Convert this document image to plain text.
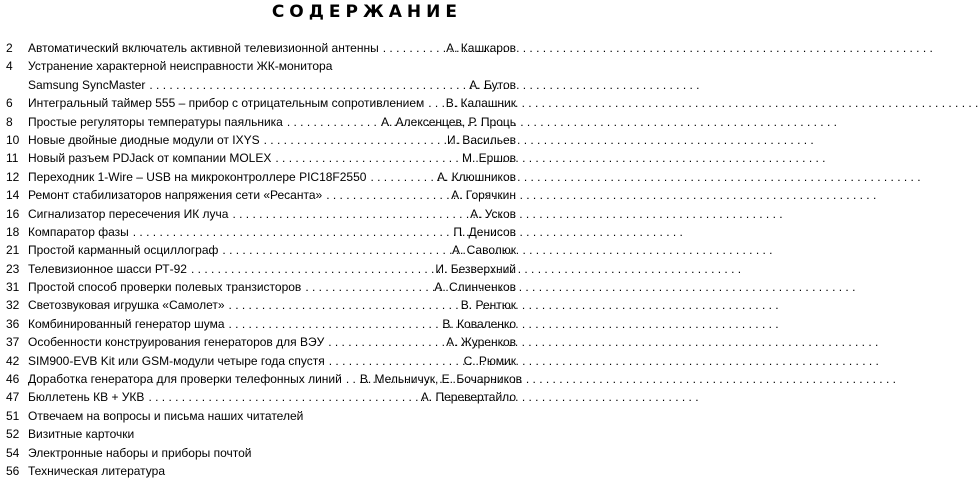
СОДЕРЖАНИЕ
2	Автоматический включатель активной телевизионной антенны . . .	А. Кашкаров
4	Устранение характерной неисправности ЖК-монитора
Samsung SyncMaster . . .	А. Бутов
6	Интегральный таймер 555 – прибор с отрицательным сопротивлением . . . В. Калашник
8	Простые регуляторы температуры паяльника . . .	А. Алексенцев, Р. Проць
10 Новые двойные диодные модули от IXYS . . .	И. Васильев
11 Новый разъем PDJack от компании MOLEX . . .	М. Ершов
12 Переходник 1-Wire – USB на микроконтроллере PIC18F2550 . . .	А. Клюшников
14 Ремонт стабилизаторов напряжения сети «Ресанта» . . .	А. Горячкин
16 Сигнализатор пересечения ИК луча . . .	А. Усков
18 Компаратор фазы . . .	П. Денисов
21 Простой карманный осциллограф . . .	А. Саволюк
23 Телевизионное шасси РТ-92 . . .	И. Безверхний
31 Простой способ проверки полевых транзисторов . . .	А. Слинченков
32 Светозвуковая игрушка «Самолет» . . .	В. Рентюк
36 Комбинированный генератор шума . . .	В. Коваленко
37 Особенности конструирования генераторов для ВЭУ . . .	А. Журенков
42 SIM900-EVB Kit или GSM-модули четыре года спустя . . .	С. Рюмик
46 Доработка генератора для проверки телефонных линий . . . В. Мельничук, Е. Бочарников
47 Бюллетень КВ + УКВ . . .	А. Перевертайло
51 Отвечаем на вопросы и письма наших читателей
52 Визитные карточки
54 Электронные наборы и приборы почтой
56 Техническая литература
